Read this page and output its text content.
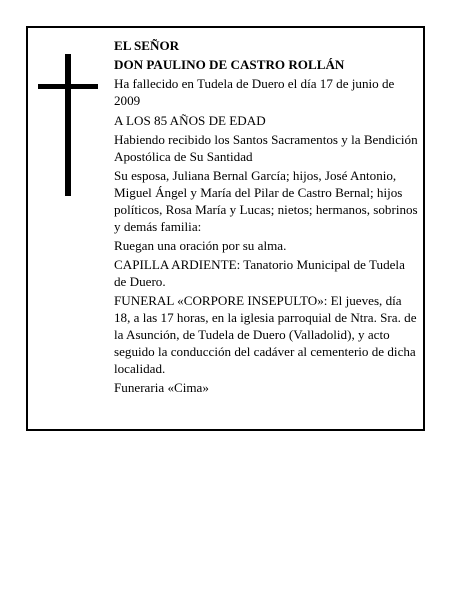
EL SEÑOR

DON PAULINO DE CASTRO ROLLÁN

Ha fallecido en Tudela de Duero el día 17 de junio de 2009

A LOS 85 AÑOS DE EDAD

Habiendo recibido los Santos Sacramentos y la Bendición Apostólica de Su Santidad

Su esposa, Juliana Bernal García; hijos, José Antonio, Miguel Ángel y María del Pilar de Castro Bernal; hijos políticos, Rosa María y Lucas; nietos; hermanos, sobrinos y demás familia:

Ruegan una oración por su alma.

CAPILLA ARDIENTE: Tanatorio Municipal de Tudela de Duero.

FUNERAL «CORPORE INSEPULTO»: El jueves, día 18, a las 17 horas, en la iglesia parroquial de Ntra. Sra. de la Asunción, de Tudela de Duero (Valladolid), y acto seguido la conducción del cadáver al cementerio de dicha localidad.

Funeraria «Cima»
